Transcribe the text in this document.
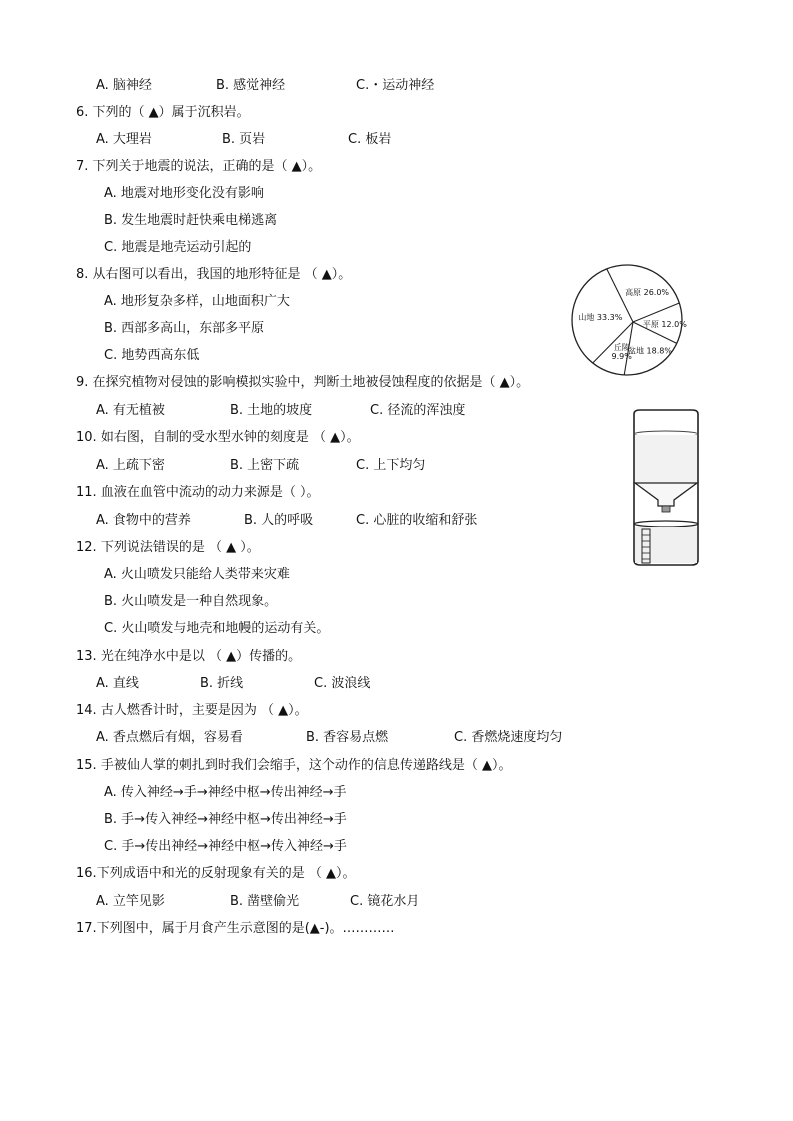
A. 脑神经	B. 感觉神经	C.・运动神经
6. 下列的（ ▲）属于沉积岩。
A. 大理岩	B. 页岩	C. 板岩
7. 下列关于地震的说法，正确的是（ ▲）。
A. 地震对地形变化没有影响
B. 发生地震时赶快乘电梯逃离
C. 地震是地壳运动引起的
8. 从右图可以看出，我国的地形特征是 （ ▲）。
A. 地形复杂多样，山地面积广大
B. 西部多高山，东部多平原
C. 地势西高东低
高原 26.0%
平原 12.0%
盆地 18.8%
丘陵 9.9%
山地 33.3%
9. 在探究植物对侵蚀的影响模拟实验中，判断土地被侵蚀程度的依据是（ ▲）。
A. 有无植被	B. 土地的坡度	C. 径流的浑浊度
10. 如右图，自制的受水型水钟的刻度是 （ ▲）。
A. 上疏下密	B. 上密下疏	C. 上下均匀
11. 血液在血管中流动的动力来源是（ ）。
A. 食物中的营养	B. 人的呼吸	C. 心脏的收缩和舒张
12. 下列说法错误的是 （ ▲ ）。
A. 火山喷发只能给人类带来灾难
B. 火山喷发是一种自然现象。
C. 火山喷发与地壳和地幔的运动有关。
13. 光在纯净水中是以 （ ▲）传播的。
A. 直线	B. 折线	C. 波浪线
14. 古人燃香计时，主要是因为 （ ▲）。
A. 香点燃后有烟，容易看	B. 香容易点燃	C. 香燃烧速度均匀
15. 手被仙人掌的刺扎到时我们会缩手，这个动作的信息传递路线是（ ▲）。
A. 传入神经→手→神经中枢→传出神经→手
B. 手→传入神经→神经中枢→传出神经→手
C. 手→传出神经→神经中枢→传入神经→手
16.下列成语中和光的反射现象有关的是 （ ▲）。
A. 立竿见影	B. 凿壁偷光	C. 镜花水月
17.下列图中，属于月食产生示意图的是(▲-)。…………
